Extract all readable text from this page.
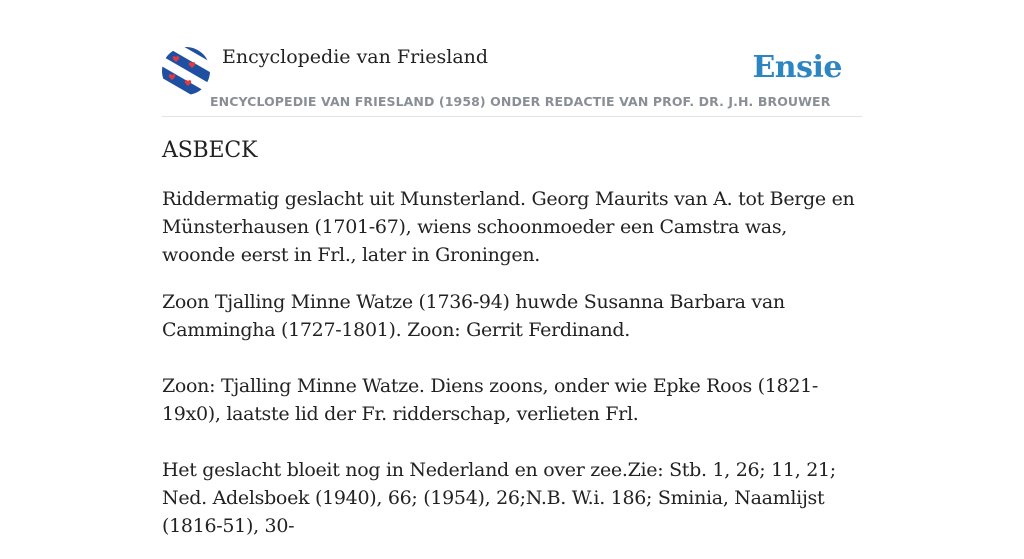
Encyclopedie van Friesland
ENCYCLOPEDIE VAN FRIESLAND (1958) ONDER REDACTIE VAN PROF. DR. J.H. BROUWER
Ensie
ASBECK

Riddermatig geslacht uit Munsterland. Georg Maurits van A. tot Berge en Münsterhausen (1701-67), wiens schoonmoeder een Camstra was, woonde eerst in Frl., later in Groningen.

Zoon Tjalling Minne Watze (1736-94) huwde Susanna Barbara van Cammingha (1727-1801). Zoon: Gerrit Ferdinand.

Zoon: Tjalling Minne Watze. Diens zoons, onder wie Epke Roos (1821-19x0), laatste lid der Fr. ridderschap, verlieten Frl.

Het geslacht bloeit nog in Nederland en over zee.Zie: Stb. 1, 26; 11, 21; Ned. Adelsboek (1940), 66; (1954), 26;N.B. W.i. 186; Sminia, Naamlijst (1816-51), 30-
